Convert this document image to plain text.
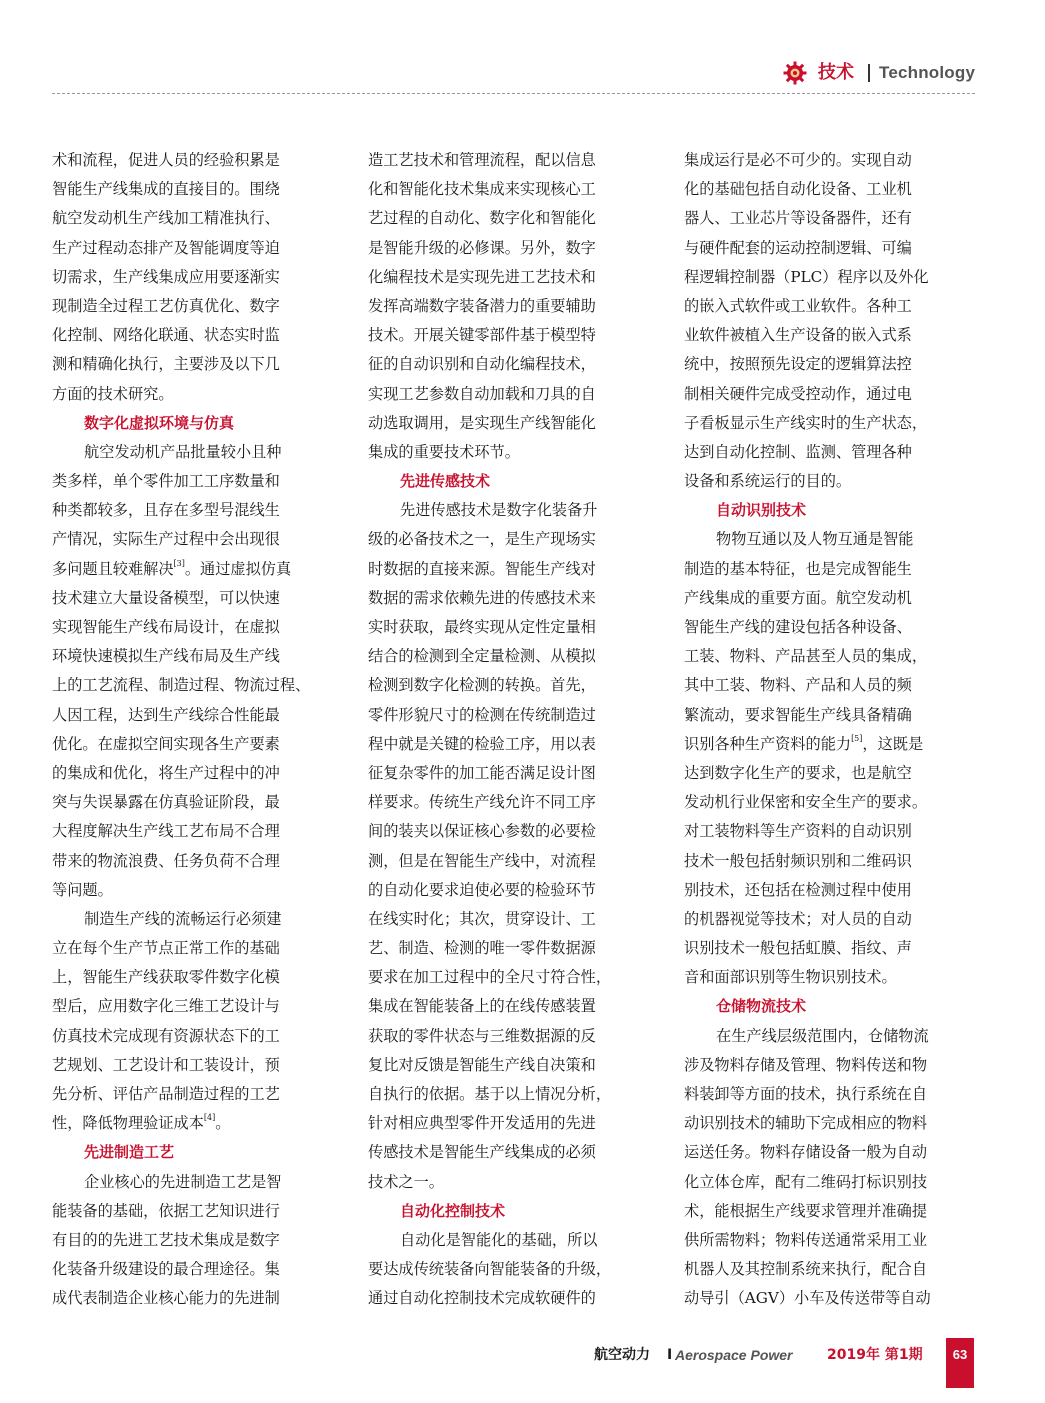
技术 Technology
术和流程，促进人员的经验积累是
智能生产线集成的直接目的。围绕
航空发动机生产线加工精准执行、
生产过程动态排产及智能调度等迫
切需求，生产线集成应用要逐渐实
现制造全过程工艺仿真优化、数字
化控制、网络化联通、状态实时监
测和精确化执行，主要涉及以下几
方面的技术研究。
数字化虚拟环境与仿真
航空发动机产品批量较小且种
类多样，单个零件加工工序数量和
种类都较多，且存在多型号混线生
产情况，实际生产过程中会出现很
多问题且较难解决[3]。通过虚拟仿真
技术建立大量设备模型，可以快速
实现智能生产线布局设计，在虚拟
环境快速模拟生产线布局及生产线
上的工艺流程、制造过程、物流过程、
人因工程，达到生产线综合性能最
优化。在虚拟空间实现各生产要素
的集成和优化，将生产过程中的冲
突与失误暴露在仿真验证阶段，最
大程度解决生产线工艺布局不合理
带来的物流浪费、任务负荷不合理
等问题。
制造生产线的流畅运行必须建
立在每个生产节点正常工作的基础
上，智能生产线获取零件数字化模
型后，应用数字化三维工艺设计与
仿真技术完成现有资源状态下的工
艺规划、工艺设计和工装设计，预
先分析、评估产品制造过程的工艺
性，降低物理验证成本[4]。
先进制造工艺
企业核心的先进制造工艺是智
能装备的基础，依据工艺知识进行
有目的的先进工艺技术集成是数字
化装备升级建设的最合理途径。集
成代表制造企业核心能力的先进制
造工艺技术和管理流程，配以信息
化和智能化技术集成来实现核心工
艺过程的自动化、数字化和智能化
是智能升级的必修课。另外，数字
化编程技术是实现先进工艺技术和
发挥高端数字装备潜力的重要辅助
技术。开展关键零部件基于模型特
征的自动识别和自动化编程技术，
实现工艺参数自动加载和刀具的自
动选取调用，是实现生产线智能化
集成的重要技术环节。
先进传感技术
先进传感技术是数字化装备升
级的必备技术之一，是生产现场实
时数据的直接来源。智能生产线对
数据的需求依赖先进的传感技术来
实时获取，最终实现从定性定量相
结合的检测到全定量检测、从模拟
检测到数字化检测的转换。首先，
零件形貌尺寸的检测在传统制造过
程中就是关键的检验工序，用以表
征复杂零件的加工能否满足设计图
样要求。传统生产线允许不同工序
间的装夹以保证核心参数的必要检
测，但是在智能生产线中，对流程
的自动化要求迫使必要的检验环节
在线实时化；其次，贯穿设计、工
艺、制造、检测的唯一零件数据源
要求在加工过程中的全尺寸符合性，
集成在智能装备上的在线传感装置
获取的零件状态与三维数据源的反
复比对反馈是智能生产线自决策和
自执行的依据。基于以上情况分析，
针对相应典型零件开发适用的先进
传感技术是智能生产线集成的必须
技术之一。
自动化控制技术
自动化是智能化的基础，所以
要达成传统装备向智能装备的升级，
通过自动化控制技术完成软硬件的
集成运行是必不可少的。实现自动
化的基础包括自动化设备、工业机
器人、工业芯片等设备器件，还有
与硬件配套的运动控制逻辑、可编
程逻辑控制器（PLC）程序以及外化
的嵌入式软件或工业软件。各种工
业软件被植入生产设备的嵌入式系
统中，按照预先设定的逻辑算法控
制相关硬件完成受控动作，通过电
子看板显示生产线实时的生产状态，
达到自动化控制、监测、管理各种
设备和系统运行的目的。
自动识别技术
物物互通以及人物互通是智能
制造的基本特征，也是完成智能生
产线集成的重要方面。航空发动机
智能生产线的建设包括各种设备、
工装、物料、产品甚至人员的集成，
其中工装、物料、产品和人员的频
繁流动，要求智能生产线具备精确
识别各种生产资料的能力[5]，这既是
达到数字化生产的要求，也是航空
发动机行业保密和安全生产的要求。
对工装物料等生产资料的自动识别
技术一般包括射频识别和二维码识
别技术，还包括在检测过程中使用
的机器视觉等技术；对人员的自动
识别技术一般包括虹膜、指纹、声
音和面部识别等生物识别技术。
仓储物流技术
在生产线层级范围内，仓储物流
涉及物料存储及管理、物料传送和物
料装卸等方面的技术，执行系统在自
动识别技术的辅助下完成相应的物料
运送任务。物料存储设备一般为自动
化立体仓库，配有二维码打标识别技
术，能根据生产线要求管理并准确提
供所需物料；物料传送通常采用工业
机器人及其控制系统来执行，配合自
动导引（AGV）小车及传送带等自动
航空动力 I Aerospace Power 2019年 第1期	63
